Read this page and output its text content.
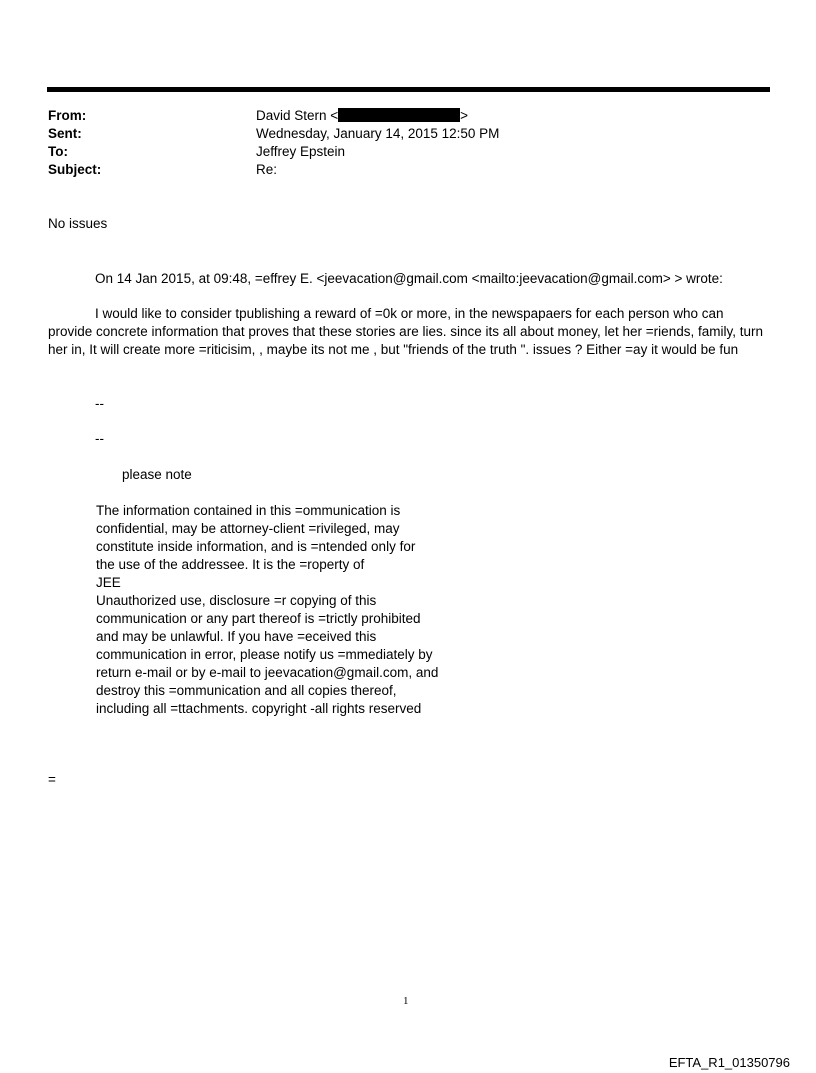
From:	David Stern <	>
Sent:	Wednesday, January 14, 2015 12:50 PM
To:	Jeffrey Epstein
Subject:	Re:
No issues
On 14 Jan 2015, at 09:48, =effrey E. <jeevacation@gmail.com <mailto:jeevacation@gmail.com> > wrote:
I would like to consider tpublishing a reward of =0k or more, in the newspapaers for each person who can provide concrete information that proves that these stories are lies. since its all about money, let her =riends, family, turn her in, It will create more =riticisim, , maybe its not me , but "friends of the truth ". issues ? Either =ay it would be fun
--
--
please note
The information contained in this =ommunication is
confidential, may be attorney-client =rivileged, may
constitute inside information, and is =ntended only for
the use of the addressee. It is the =roperty of
JEE
Unauthorized use, disclosure =r copying of this
communication or any part thereof is =trictly prohibited
and may be unlawful. If you have =eceived this
communication in error, please notify us =mmediately by
return e-mail or by e-mail to jeevacation@gmail.com, and
destroy this =ommunication and all copies thereof,
including all =ttachments. copyright -all rights reserved
=
1
EFTA_R1_01350796
